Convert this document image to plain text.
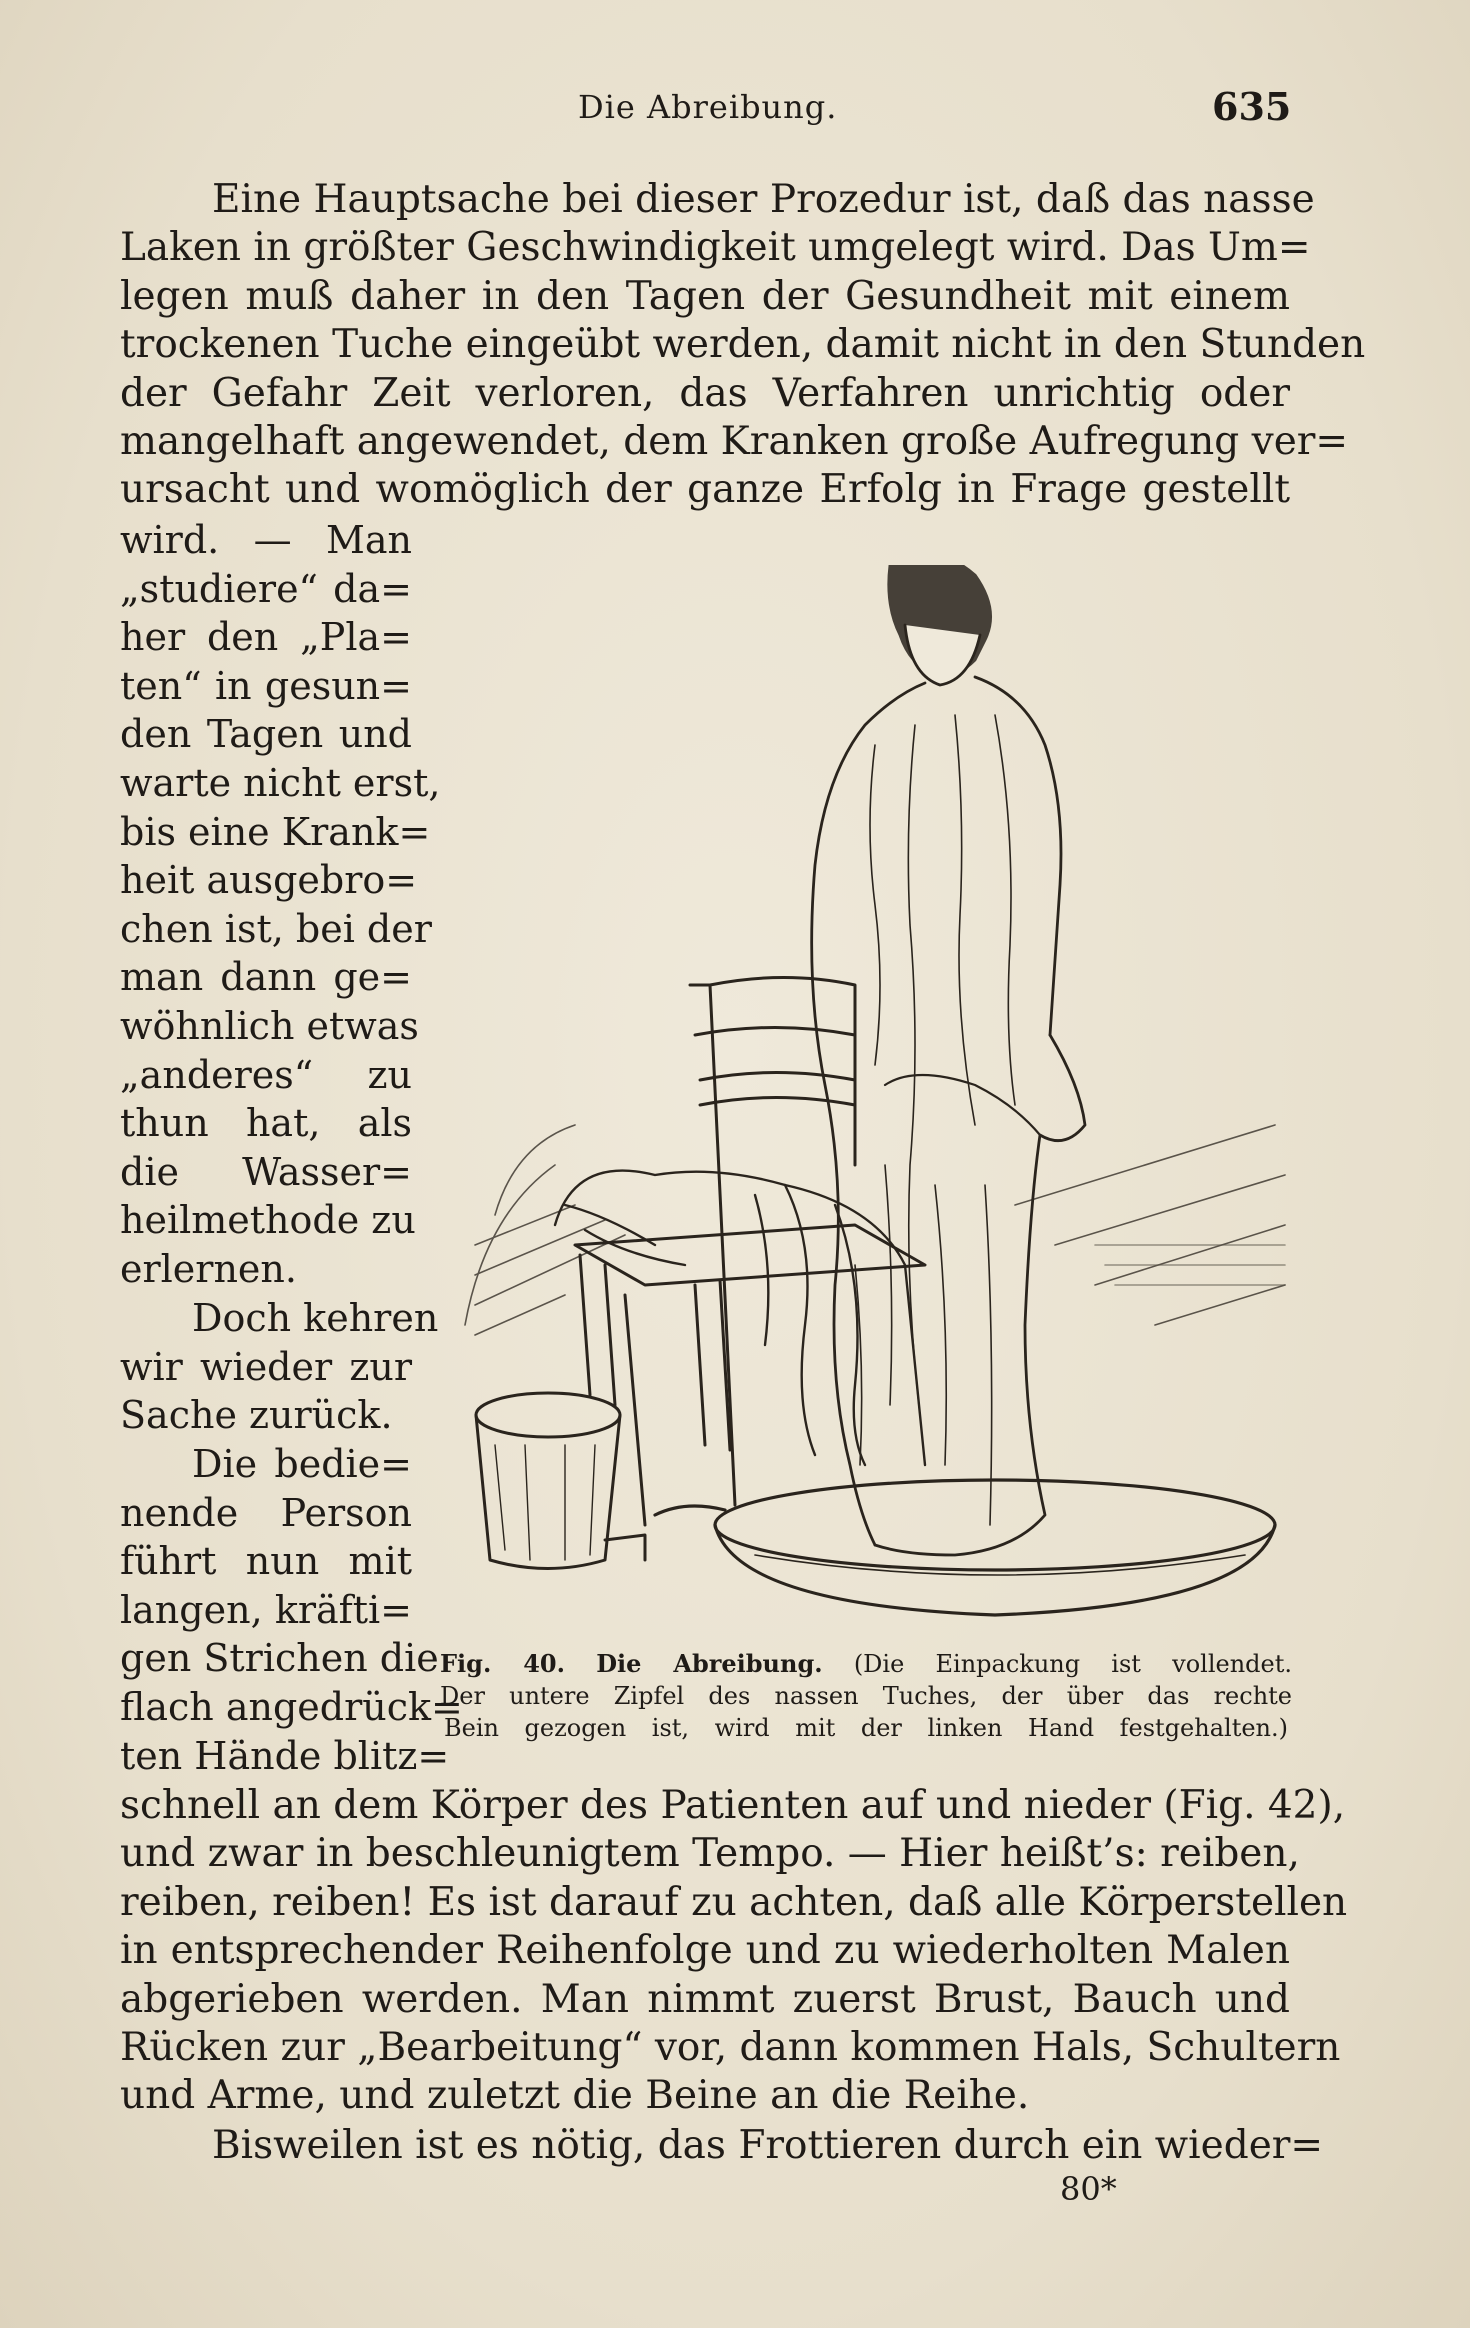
Die Abreibung.	635

Eine Hauptsache bei dieser Prozedur ist, daß das nasse
Laken in größter Geschwindigkeit umgelegt wird. Das Um=
legen muß daher in den Tagen der Gesundheit mit einem
trockenen Tuche eingeübt werden, damit nicht in den Stunden
der Gefahr Zeit verloren, das Verfahren unrichtig oder
mangelhaft angewendet, dem Kranken große Aufregung ver=
ursacht und womöglich der ganze Erfolg in Frage gestellt

wird. — Man
„studiere“ da=
her den „Pla=
ten“ in gesun=
den Tagen und
warte nicht erst,
bis eine Krank=
heit ausgebro=
chen ist, bei der
man dann ge=
wöhnlich etwas
„anderes“ zu
thun hat, als
die Wasser=
heilmethode zu
erlernen.

Doch kehren
wir wieder zur
Sache zurück.

Die bedie=
nende Person
führt nun mit
langen, kräfti=
gen Strichen die
flach angedrück=
ten Hände blitz=

Fig. 40. Die Abreibung. (Die Einpackung ist vollendet.
Der untere Zipfel des nassen Tuches, der über das rechte
Bein gezogen ist, wird mit der linken Hand festgehalten.)

schnell an dem Körper des Patienten auf und nieder (Fig. 42),
und zwar in beschleunigtem Tempo. — Hier heißt’s: reiben,
reiben, reiben! Es ist darauf zu achten, daß alle Körperstellen
in entsprechender Reihenfolge und zu wiederholten Malen
abgerieben werden. Man nimmt zuerst Brust, Bauch und
Rücken zur „Bearbeitung“ vor, dann kommen Hals, Schultern
und Arme, und zuletzt die Beine an die Reihe.

Bisweilen ist es nötig, das Frottieren durch ein wieder=

80*
